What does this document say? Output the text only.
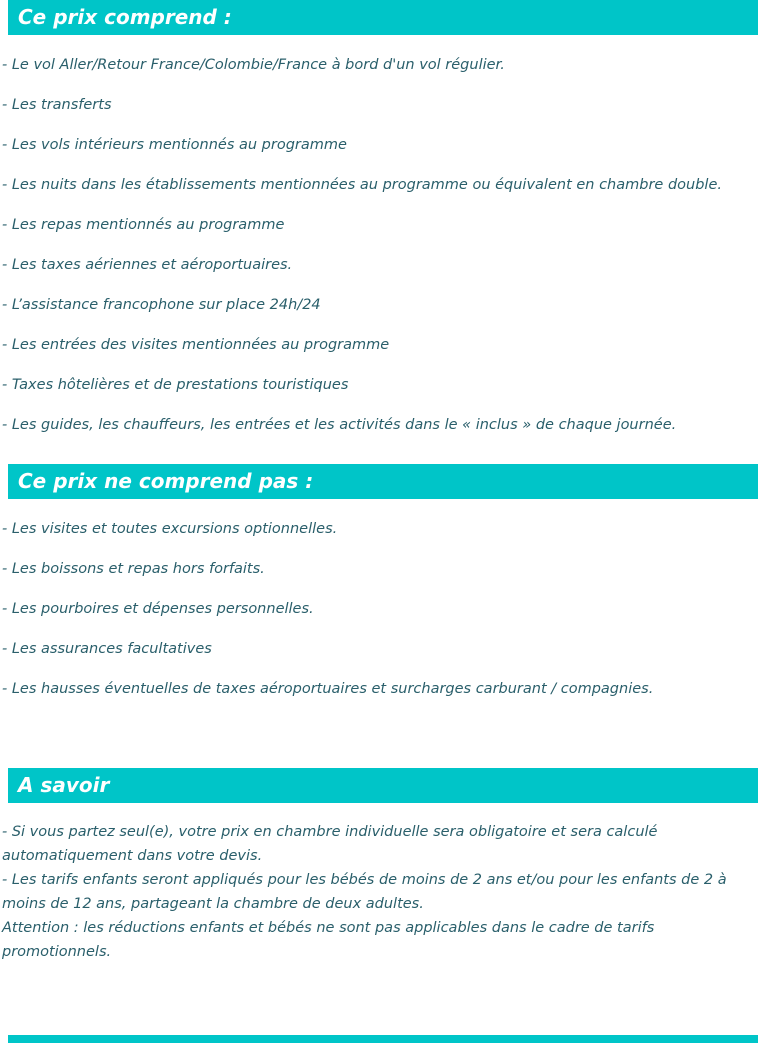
Ce prix comprend :

- Le vol Aller/Retour France/Colombie/France à bord d'un vol régulier.

- Les transferts

- Les vols intérieurs mentionnés au programme

- Les nuits dans les établissements mentionnées au programme ou équivalent en chambre double.

- Les repas mentionnés au programme

- Les taxes aériennes et aéroportuaires.

- L’assistance francophone sur place 24h/24

- Les entrées des visites mentionnées au programme

- Taxes hôtelières et de prestations touristiques

- Les guides, les chauffeurs, les entrées et les activités dans le « inclus » de chaque journée.

Ce prix ne comprend pas :

- Les visites et toutes excursions optionnelles.

- Les boissons et repas hors forfaits.

- Les pourboires et dépenses personnelles.

- Les assurances facultatives

- Les hausses éventuelles de taxes aéroportuaires et surcharges carburant / compagnies.

A savoir

- Si vous partez seul(e), votre prix en chambre individuelle sera obligatoire et sera calculé automatiquement dans votre devis.

- Les tarifs enfants seront appliqués pour les bébés de moins de 2 ans et/ou pour les enfants de 2 à moins de 12 ans, partageant la chambre de deux adultes.

Attention : les réductions enfants et bébés ne sont pas applicables dans le cadre de tarifs promotionnels.
